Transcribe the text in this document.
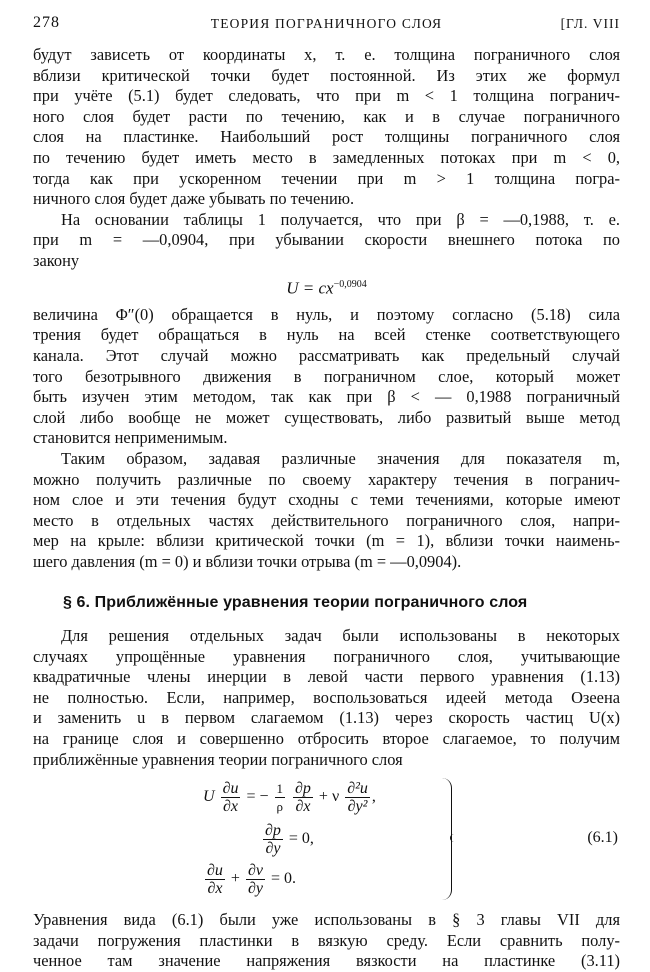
278	ТЕОРИЯ ПОГРАНИЧНОГО СЛОЯ	[ГЛ. VIII

будут зависеть от координаты x, т. е. толщина пограничного слоя
вблизи критической точки будет постоянной. Из этих же формул
при учёте (5.1) будет следовать, что при m < 1 толщина погранич-
ного слоя будет расти по течению, как и в случае пограничного
слоя на пластинке. Наибольший рост толщины пограничного слоя
по течению будет иметь место в замедленных потоках при m < 0,
тогда как при ускоренном течении при m > 1 толщина погра-
ничного слоя будет даже убывать по течению.

На основании таблицы 1 получается, что при β = —0,1988, т. е.
при m = —0,0904, при убывании скорости внешнего потока по
закону

$U = cx^{-0,0904}$

величина Φ″(0) обращается в нуль, и поэтому согласно (5.18) сила
трения будет обращаться в нуль на всей стенке соответствующего
канала. Этот случай можно рассматривать как предельный случай
того безотрывного движения в пограничном слое, который может
быть изучен этим методом, так как при β < — 0,1988 пограничный
слой либо вообще не может существовать, либо развитый выше метод
становится неприменимым.

Таким образом, задавая различные значения для показателя m,
можно получить различные по своему характеру течения в погранич-
ном слое и эти течения будут сходны с теми течениями, которые имеют
место в отдельных частях действительного пограничного слоя, напри-
мер на крыле: вблизи критической точки (m = 1), вблизи точки наимень-
шего давления (m = 0) и вблизи точки отрыва (m = —0,0904).

§ 6. Приближённые уравнения теории пограничного слоя

Для решения отдельных задач были использованы в некоторых
случаях упрощённые уравнения пограничного слоя, учитывающие
квадратичные члены инерции в левой части первого уравнения (1.13)
не полностью. Если, например, воспользоваться идеей метода Озеена
и заменить u в первом слагаемом (1.13) через скорость частиц U(x)
на границе слоя и совершенно отбросить второе слагаемое, то получим
приближённые уравнения теории пограничного слоя

U $\frac{\partial u}{\partial x}$ = − $\frac{1}{\rho}$
$\frac{\partial p}{\partial x} + \nu \frac{\text{∂²u}}{\text{∂y²}}$ ,
$\frac{\partial p}{\partial y} = 0$,
$\frac{\partial u}{\partial x} + \frac{\partial v}{\partial y} = 0$.
(6.1)

Уравнения вида (6.1) были уже использованы в § 3 главы VII для
задачи погружения пластинки в вязкую среду. Если сравнить полу-
ченное там значение напряжения вязкости на пластинке (3.11)
